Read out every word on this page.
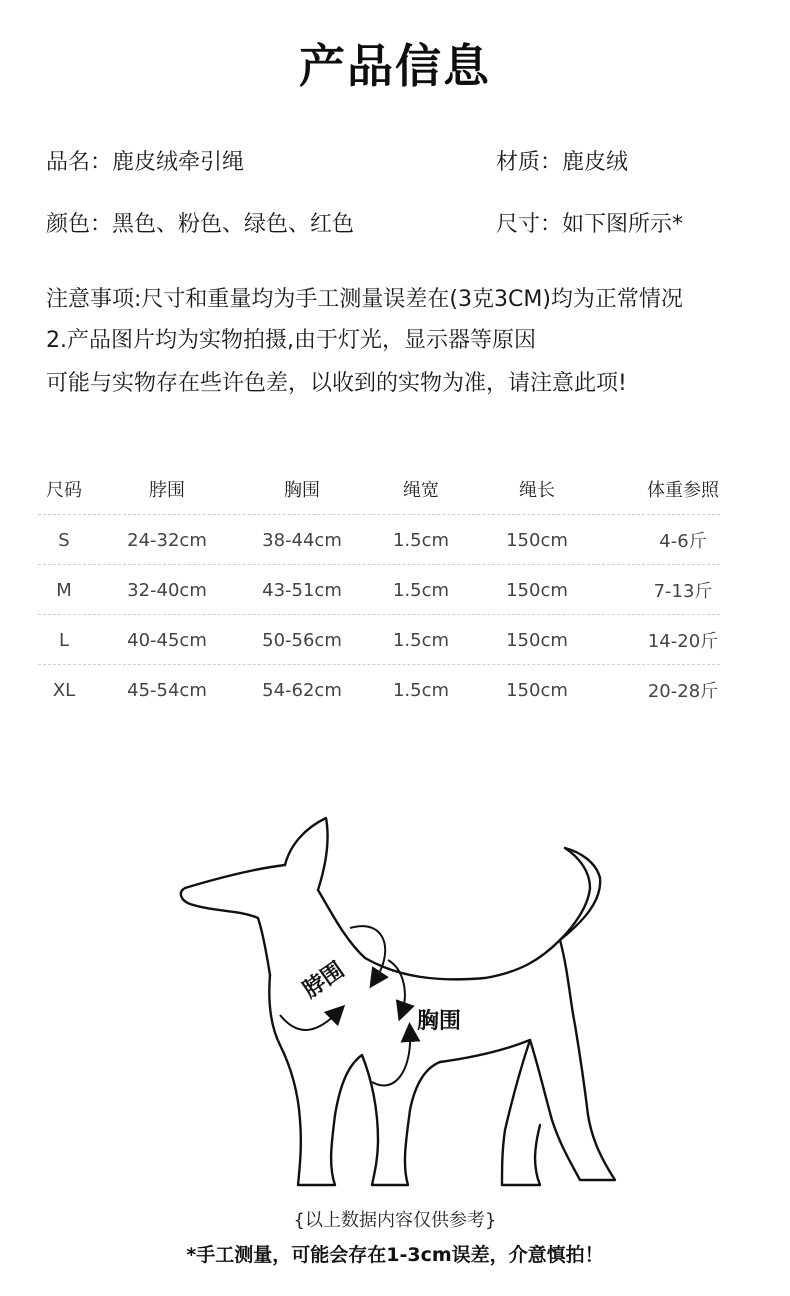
产品信息
品名：鹿皮绒牵引绳	材质：鹿皮绒
颜色：黑色、粉色、绿色、红色	尺寸：如下图所示*
注意事项:尺寸和重量均为手工测量误差在(3克3CM)均为正常情况
2.产品图片均为实物拍摄,由于灯光，显示器等原因
可能与实物存在些许色差，以收到的实物为准，请注意此项!
尺码	脖围	胸围	绳宽	绳长	体重参照
S	24-32cm	38-44cm	1.5cm	150cm	4-6斤
M	32-40cm	43-51cm	1.5cm	150cm	7-13斤
L	40-45cm	50-56cm	1.5cm	150cm	14-20斤
XL	45-54cm	54-62cm	1.5cm	150cm	20-28斤
脖围
胸围
{以上数据内容仅供参考}
*手工测量，可能会存在1-3cm误差，介意慎拍！
